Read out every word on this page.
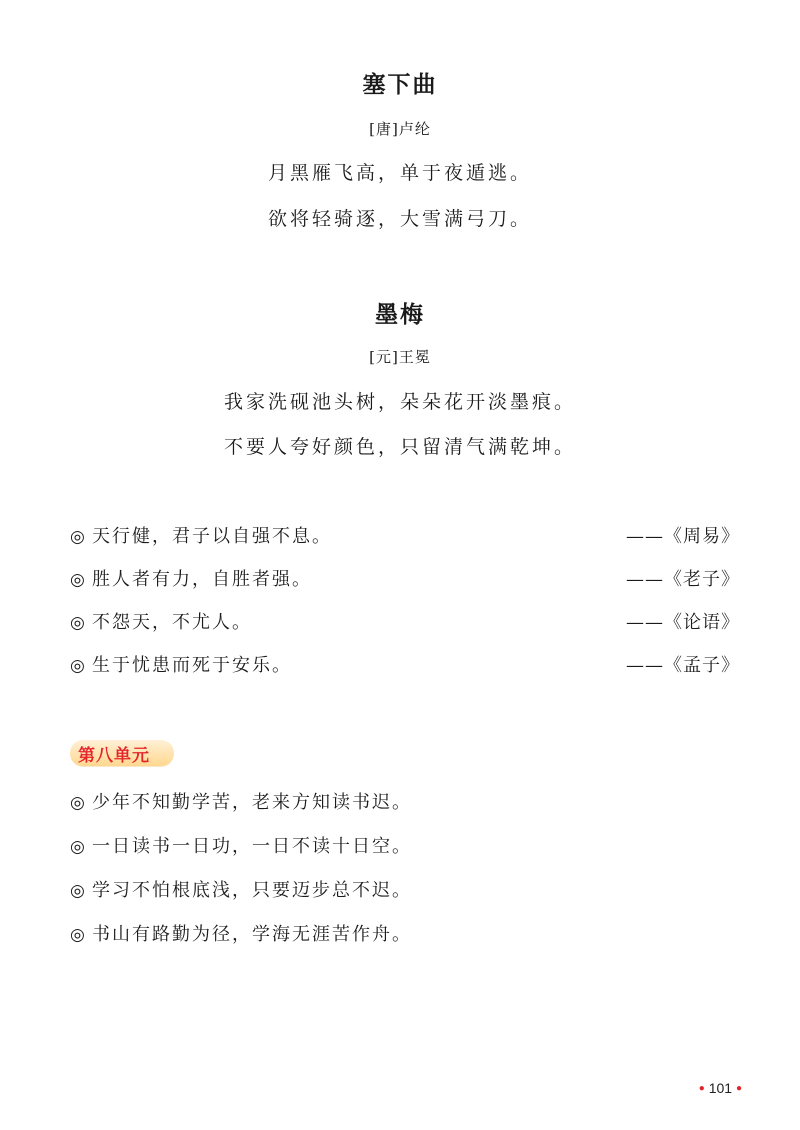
塞下曲
[唐]卢纶
月黑雁飞高，单于夜遁逃。
欲将轻骑逐，大雪满弓刀。
墨梅
[元]王冕
我家洗砚池头树，朵朵花开淡墨痕。
不要人夸好颜色，只留清气满乾坤。
◎ 天行健，君子以自强不息。	——《周易》
◎ 胜人者有力，自胜者强。	——《老子》
◎ 不怨天，不尤人。	——《论语》
◎ 生于忧患而死于安乐。	——《孟子》
第八单元
◎ 少年不知勤学苦，老来方知读书迟。
◎ 一日读书一日功，一日不读十日空。
◎ 学习不怕根底浅，只要迈步总不迟。
◎ 书山有路勤为径，学海无涯苦作舟。
● 101 ●
